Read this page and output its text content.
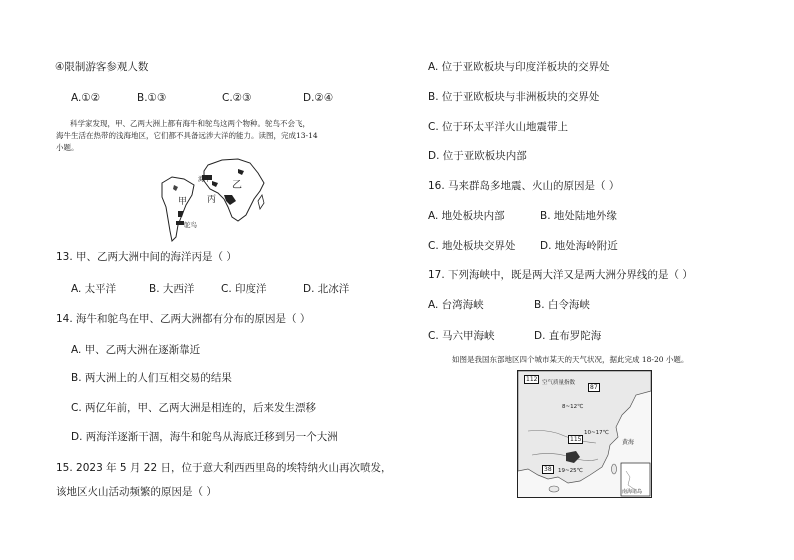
④限制游客参观人数
A.①②	B.①③	C.②③	D.②④
科学家发现，甲、乙两大洲上都有海牛和鸵鸟这两个物种。鸵鸟不会飞，
海牛生活在热带的浅海地区，它们都不具备远涉大洋的能力。读图，完成13-14
小题。
海牛
乙
丙
甲
鸵鸟
13. 甲、乙两大洲中间的海洋丙是（ ）
A. 太平洋	B. 大西洋	C. 印度洋	D. 北冰洋
14. 海牛和鸵鸟在甲、乙两大洲都有分布的原因是（ ）
A. 甲、乙两大洲在逐渐靠近
B. 两大洲上的人们互相交易的结果
C. 两亿年前，甲、乙两大洲是相连的，后来发生漂移
D. 两海洋逐渐干涸，海牛和鸵鸟从海底迁移到另一个大洲
15. 2023 年 5 月 22 日，位于意大利西西里岛的埃特纳火山再次喷发，
该地区火山活动频繁的原因是（ ）
A. 位于亚欧板块与印度洋板块的交界处
B. 位于亚欧板块与非洲板块的交界处
C. 位于环太平洋火山地震带上
D. 位于亚欧板块内部
16. 马来群岛多地震、火山的原因是（ ）
A. 地处板块内部	B. 地处陆地外缘
C. 地处板块交界处 D. 地处海岭附近
17. 下列海峡中，既是两大洋又是两大洲分界线的是（ ）
A. 台湾海峡	B. 白令海峡
C. 马六甲海峡	D. 直布罗陀海
如图是我国东部地区四个城市某天的天气状况，据此完成 18-20 小题。
112 空气质量指数
87
8~12℃
115
10~17℃
黄海
38	19~25℃
南海诸岛
